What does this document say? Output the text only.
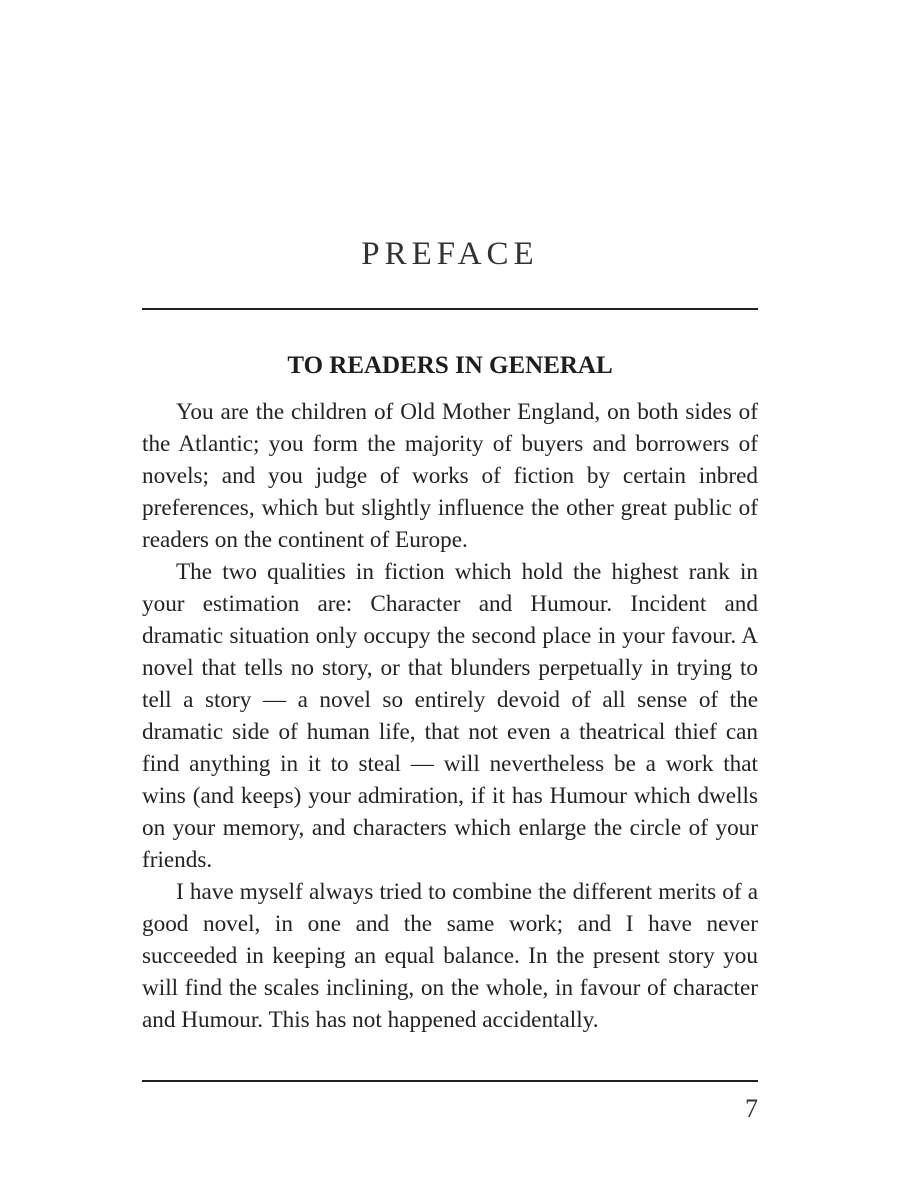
PREFACE
TO READERS IN GENERAL

You are the children of Old Mother England, on both sides of the Atlantic; you form the majority of buyers and borrowers of novels; and you judge of works of fiction by certain inbred preferences, which but slightly influence the other great public of readers on the continent of Europe.

The two qualities in fiction which hold the highest rank in your estimation are: Character and Humour. Incident and dramatic situation only occupy the second place in your favour. A novel that tells no story, or that blunders perpetually in trying to tell a story — a novel so entirely devoid of all sense of the dramatic side of human life, that not even a theatrical thief can find anything in it to steal — will nevertheless be a work that wins (and keeps) your admiration, if it has Humour which dwells on your memory, and characters which enlarge the circle of your friends.

I have myself always tried to combine the different merits of a good novel, in one and the same work; and I have never succeeded in keeping an equal balance. In the present story you will find the scales inclining, on the whole, in favour of character and Humour. This has not happened accidentally.

7
